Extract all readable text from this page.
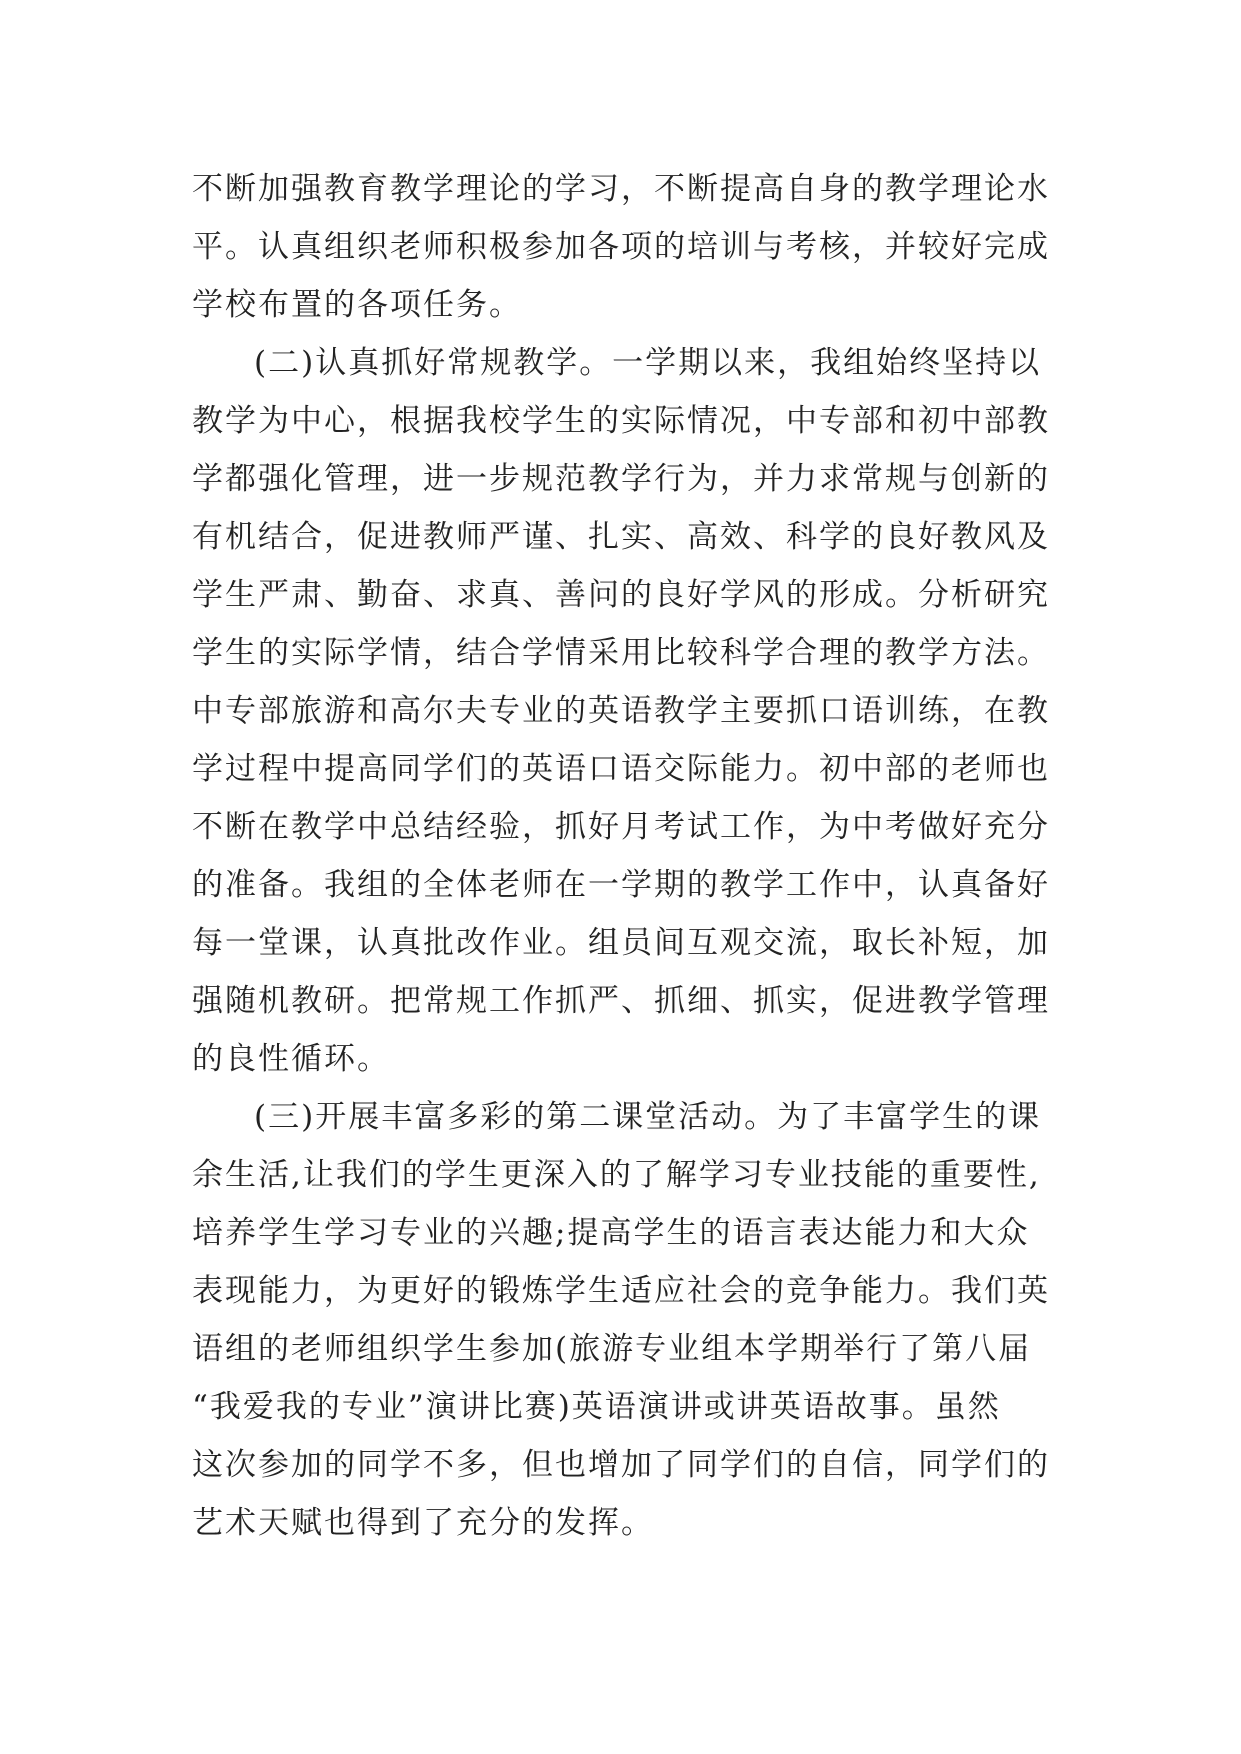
不断加强教育教学理论的学习，不断提高自身的教学理论水
平。认真组织老师积极参加各项的培训与考核，并较好完成
学校布置的各项任务。
(二)认真抓好常规教学。一学期以来，我组始终坚持以
教学为中心，根据我校学生的实际情况，中专部和初中部教
学都强化管理，进一步规范教学行为，并力求常规与创新的
有机结合，促进教师严谨、扎实、高效、科学的良好教风及
学生严肃、勤奋、求真、善问的良好学风的形成。分析研究
学生的实际学情，结合学情采用比较科学合理的教学方法。
中专部旅游和高尔夫专业的英语教学主要抓口语训练，在教
学过程中提高同学们的英语口语交际能力。初中部的老师也
不断在教学中总结经验，抓好月考试工作，为中考做好充分
的准备。我组的全体老师在一学期的教学工作中，认真备好
每一堂课，认真批改作业。组员间互观交流，取长补短，加
强随机教研。把常规工作抓严、抓细、抓实，促进教学管理
的良性循环。
(三)开展丰富多彩的第二课堂活动。为了丰富学生的课
余生活,让我们的学生更深入的了解学习专业技能的重要性,
培养学生学习专业的兴趣;提高学生的语言表达能力和大众
表现能力，为更好的锻炼学生适应社会的竞争能力。我们英
语组的老师组织学生参加(旅游专业组本学期举行了第八届
“我爱我的专业”演讲比赛)英语演讲或讲英语故事。虽然
这次参加的同学不多，但也增加了同学们的自信，同学们的
艺术天赋也得到了充分的发挥。
